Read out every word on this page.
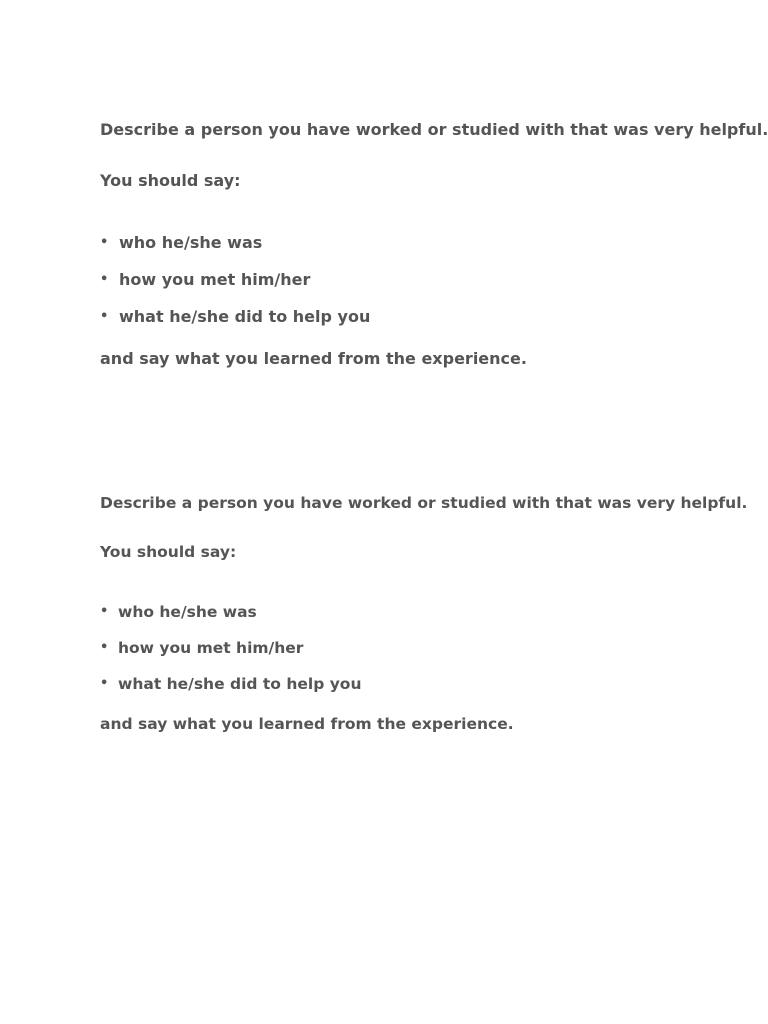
Describe a person you have worked or studied with that was very helpful.

You should say:

• who he/she was
• how you met him/her
• what he/she did to help you

and say what you learned from the experience.

Describe a person you have worked or studied with that was very helpful.

You should say:

• who he/she was
• how you met him/her
• what he/she did to help you

and say what you learned from the experience.
